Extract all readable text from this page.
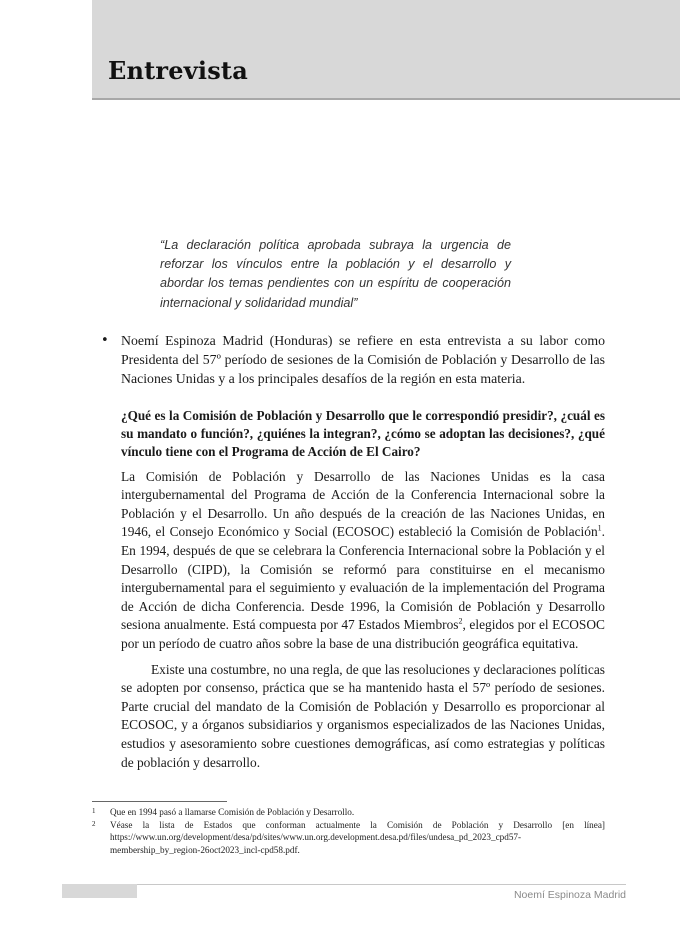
Entrevista

“La declaración política aprobada subraya la urgencia de reforzar los vínculos entre la población y el desarrollo y abordar los temas pendientes con un espíritu de cooperación internacional y solidaridad mundial”

• Noemí Espinoza Madrid (Honduras) se refiere en esta entrevista a su labor como Presidenta del 57º período de sesiones de la Comisión de Población y Desarrollo de las Naciones Unidas y a los principales desafíos de la región en esta materia.

¿Qué es la Comisión de Población y Desarrollo que le correspondió presidir?, ¿cuál es su mandato o función?, ¿quiénes la integran?, ¿cómo se adoptan las decisiones?, ¿qué vínculo tiene con el Programa de Acción de El Cairo?

La Comisión de Población y Desarrollo de las Naciones Unidas es la casa intergubernamental del Programa de Acción de la Conferencia Internacional sobre la Población y el Desarrollo. Un año después de la creación de las Naciones Unidas, en 1946, el Consejo Económico y Social (ECOSOC) estableció la Comisión de Población$^1$. En 1994, después de que se celebrara la Conferencia Internacional sobre la Población y el Desarrollo (CIPD), la Comisión se reformó para constituirse en el mecanismo intergubernamental para el seguimiento y evaluación de la implementación del Programa de Acción de dicha Conferencia. Desde 1996, la Comisión de Población y Desarrollo sesiona anualmente. Está compuesta por 47 Estados Miembros$^2$, elegidos por el ECOSOC por un período de cuatro años sobre la base de una distribución geográfica equitativa.

Existe una costumbre, no una regla, de que las resoluciones y declaraciones políticas se adopten por consenso, práctica que se ha mantenido hasta el 57º período de sesiones. Parte crucial del mandato de la Comisión de Población y Desarrollo es proporcionar al ECOSOC, y a órganos subsidiarios y organismos especializados de las Naciones Unidas, estudios y asesoramiento sobre cuestiones demográficas, así como estrategias y políticas de población y desarrollo.

1 Que en 1994 pasó a llamarse Comisión de Población y Desarrollo.
2 Véase la lista de Estados que conforman actualmente la Comisión de Población y Desarrollo [en línea] https://www.un.org/development/desa/pd/sites/www.un.org.development.desa.pd/files/undesa_pd_2023_cpd57-membership_by_region-26oct2023_incl-cpd58.pdf.
Noemí Espinoza Madrid
